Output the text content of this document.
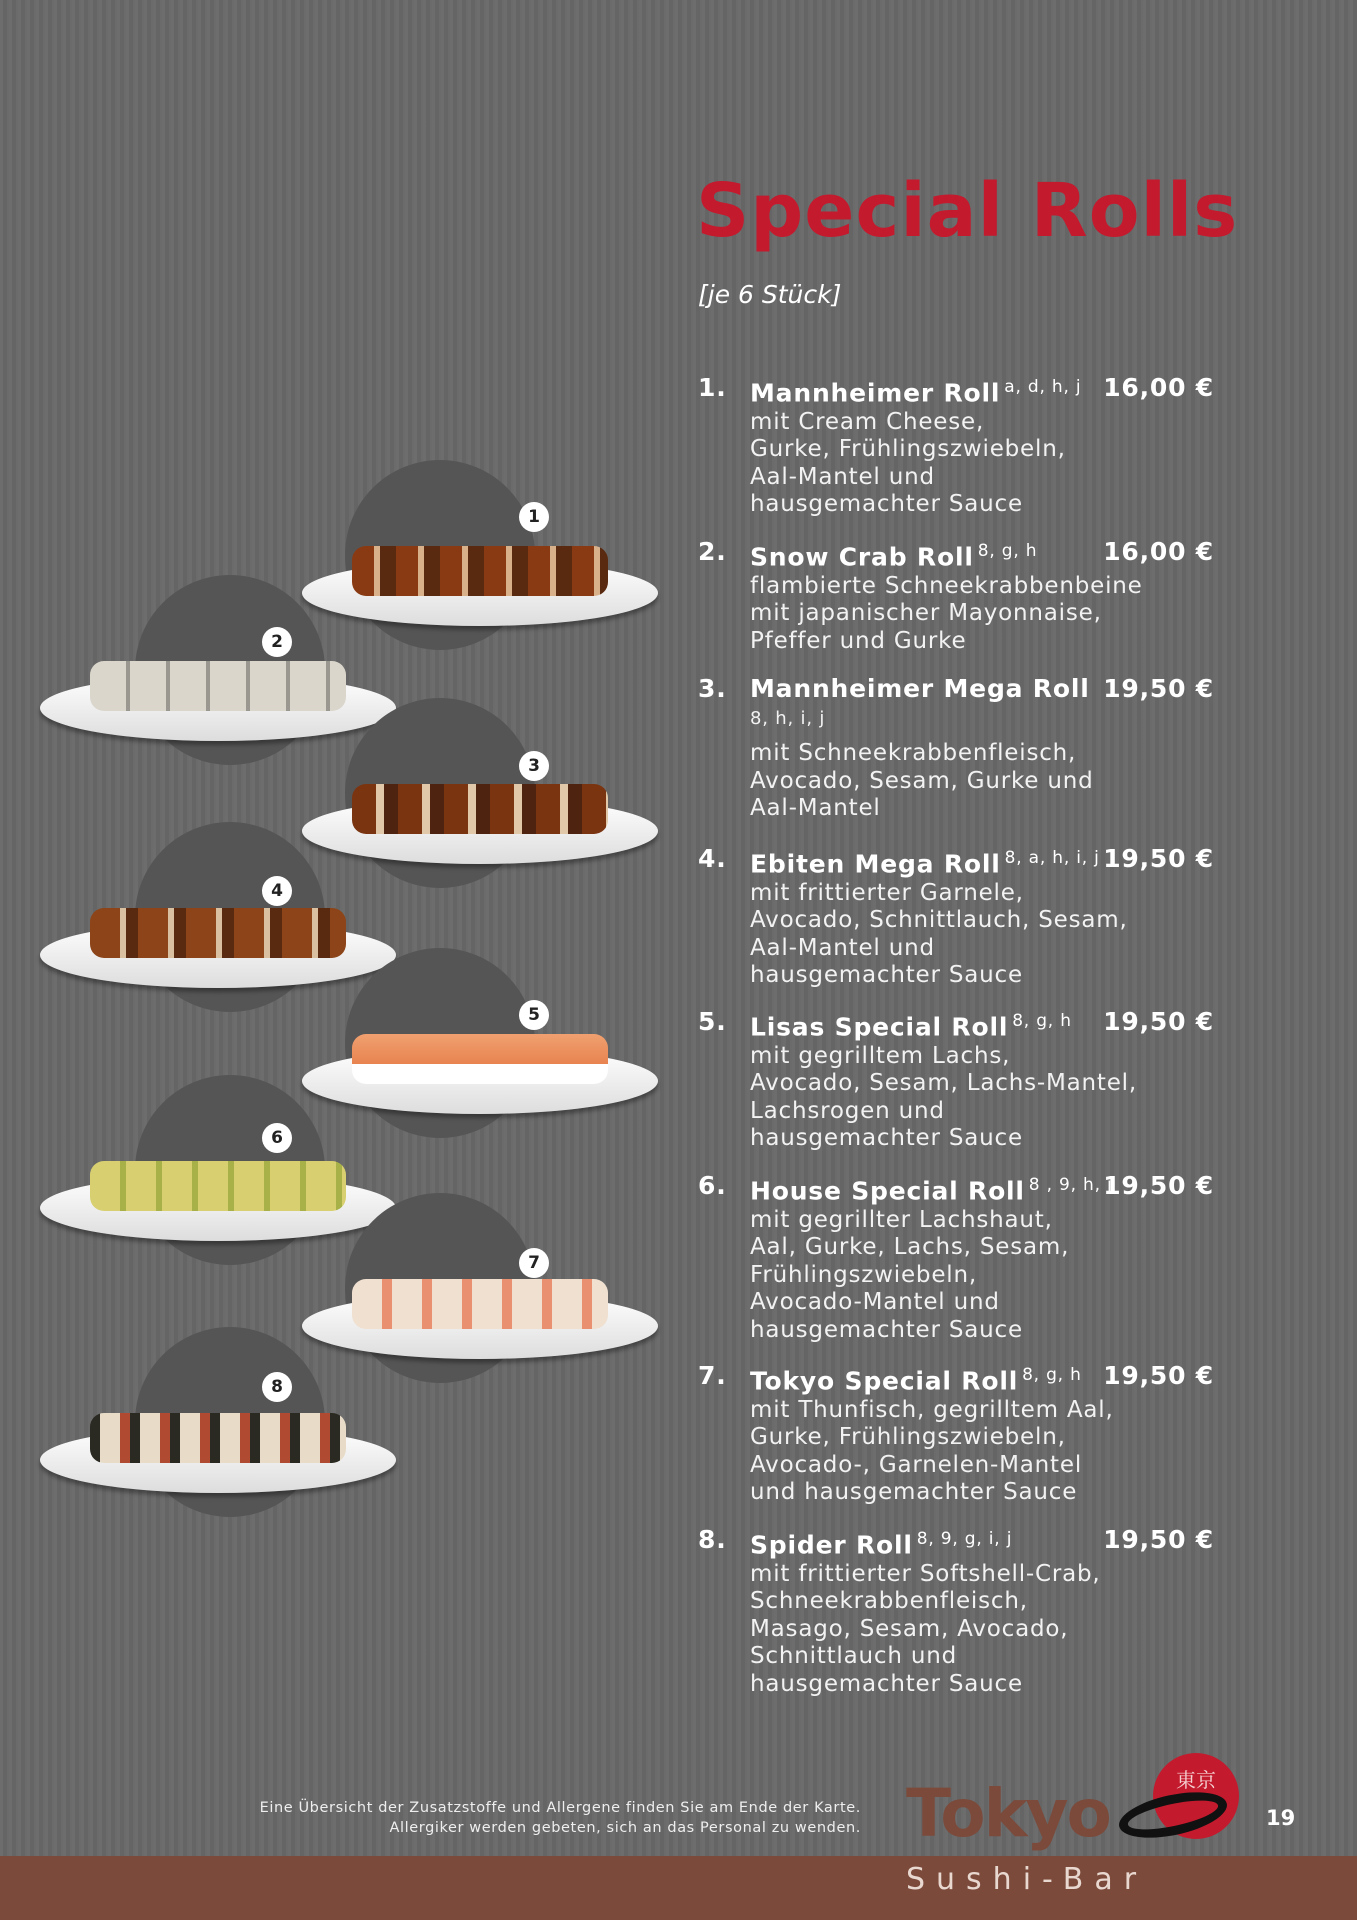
Special Rolls
[je 6 Stück]
1
2
3
4
5
6
7
8
1. Mannheimer Roll $^{a, d, h, j}$ 16,00 €
mit Cream Cheese,
Gurke, Frühlingszwiebeln,
Aal-Mantel und
hausgemachter Sauce
2. Snow Crab Roll $^{8, g, h}$	16,00 €
flambierte Schneekrabbenbeine
mit japanischer Mayonnaise,
Pfeffer und Gurke
3. Mannheimer Mega Roll
8, h, i, j
19,50 €
mit Schneekrabbenfleisch,
Avocado, Sesam, Gurke und
Aal-Mantel
4. Ebiten Mega Roll $^{8, a, h, i, j}$ 19,50 €
mit frittierter Garnele,
Avocado, Schnittlauch, Sesam,
Aal-Mantel und
hausgemachter Sauce
5. Lisas Special Roll $^{8, g, h}$ 19,50 €
mit gegrilltem Lachs,
Avocado, Sesam, Lachs-Mantel,
Lachsrogen und
hausgemachter Sauce
6. House Special Roll $^{8 , 9, h, j}$
19,50 €
mit gegrillter Lachshaut,
Aal, Gurke, Lachs, Sesam,
Frühlingszwiebeln,
Avocado-Mantel und
hausgemachter Sauce
7. Tokyo Special Roll $^{8, g, h}$ 19,50 €
mit Thunfisch, gegrilltem Aal,
Gurke, Frühlingszwiebeln,
Avocado-, Garnelen-Mantel
und hausgemachter Sauce
8. Spider Roll $^{8, 9, g, i, j}$	19,50 €
mit frittierter Softshell-Crab,
Schneekrabbenfleisch,
Masago, Sesam, Avocado,
Schnittlauch und
hausgemachter Sauce
Eine Übersicht der Zusatzstoffe und Allergene finden Sie am Ende der Karte.
Allergiker werden gebeten, sich an das Personal zu wenden.
東京
Tokyo
Sushi-Bar
19
